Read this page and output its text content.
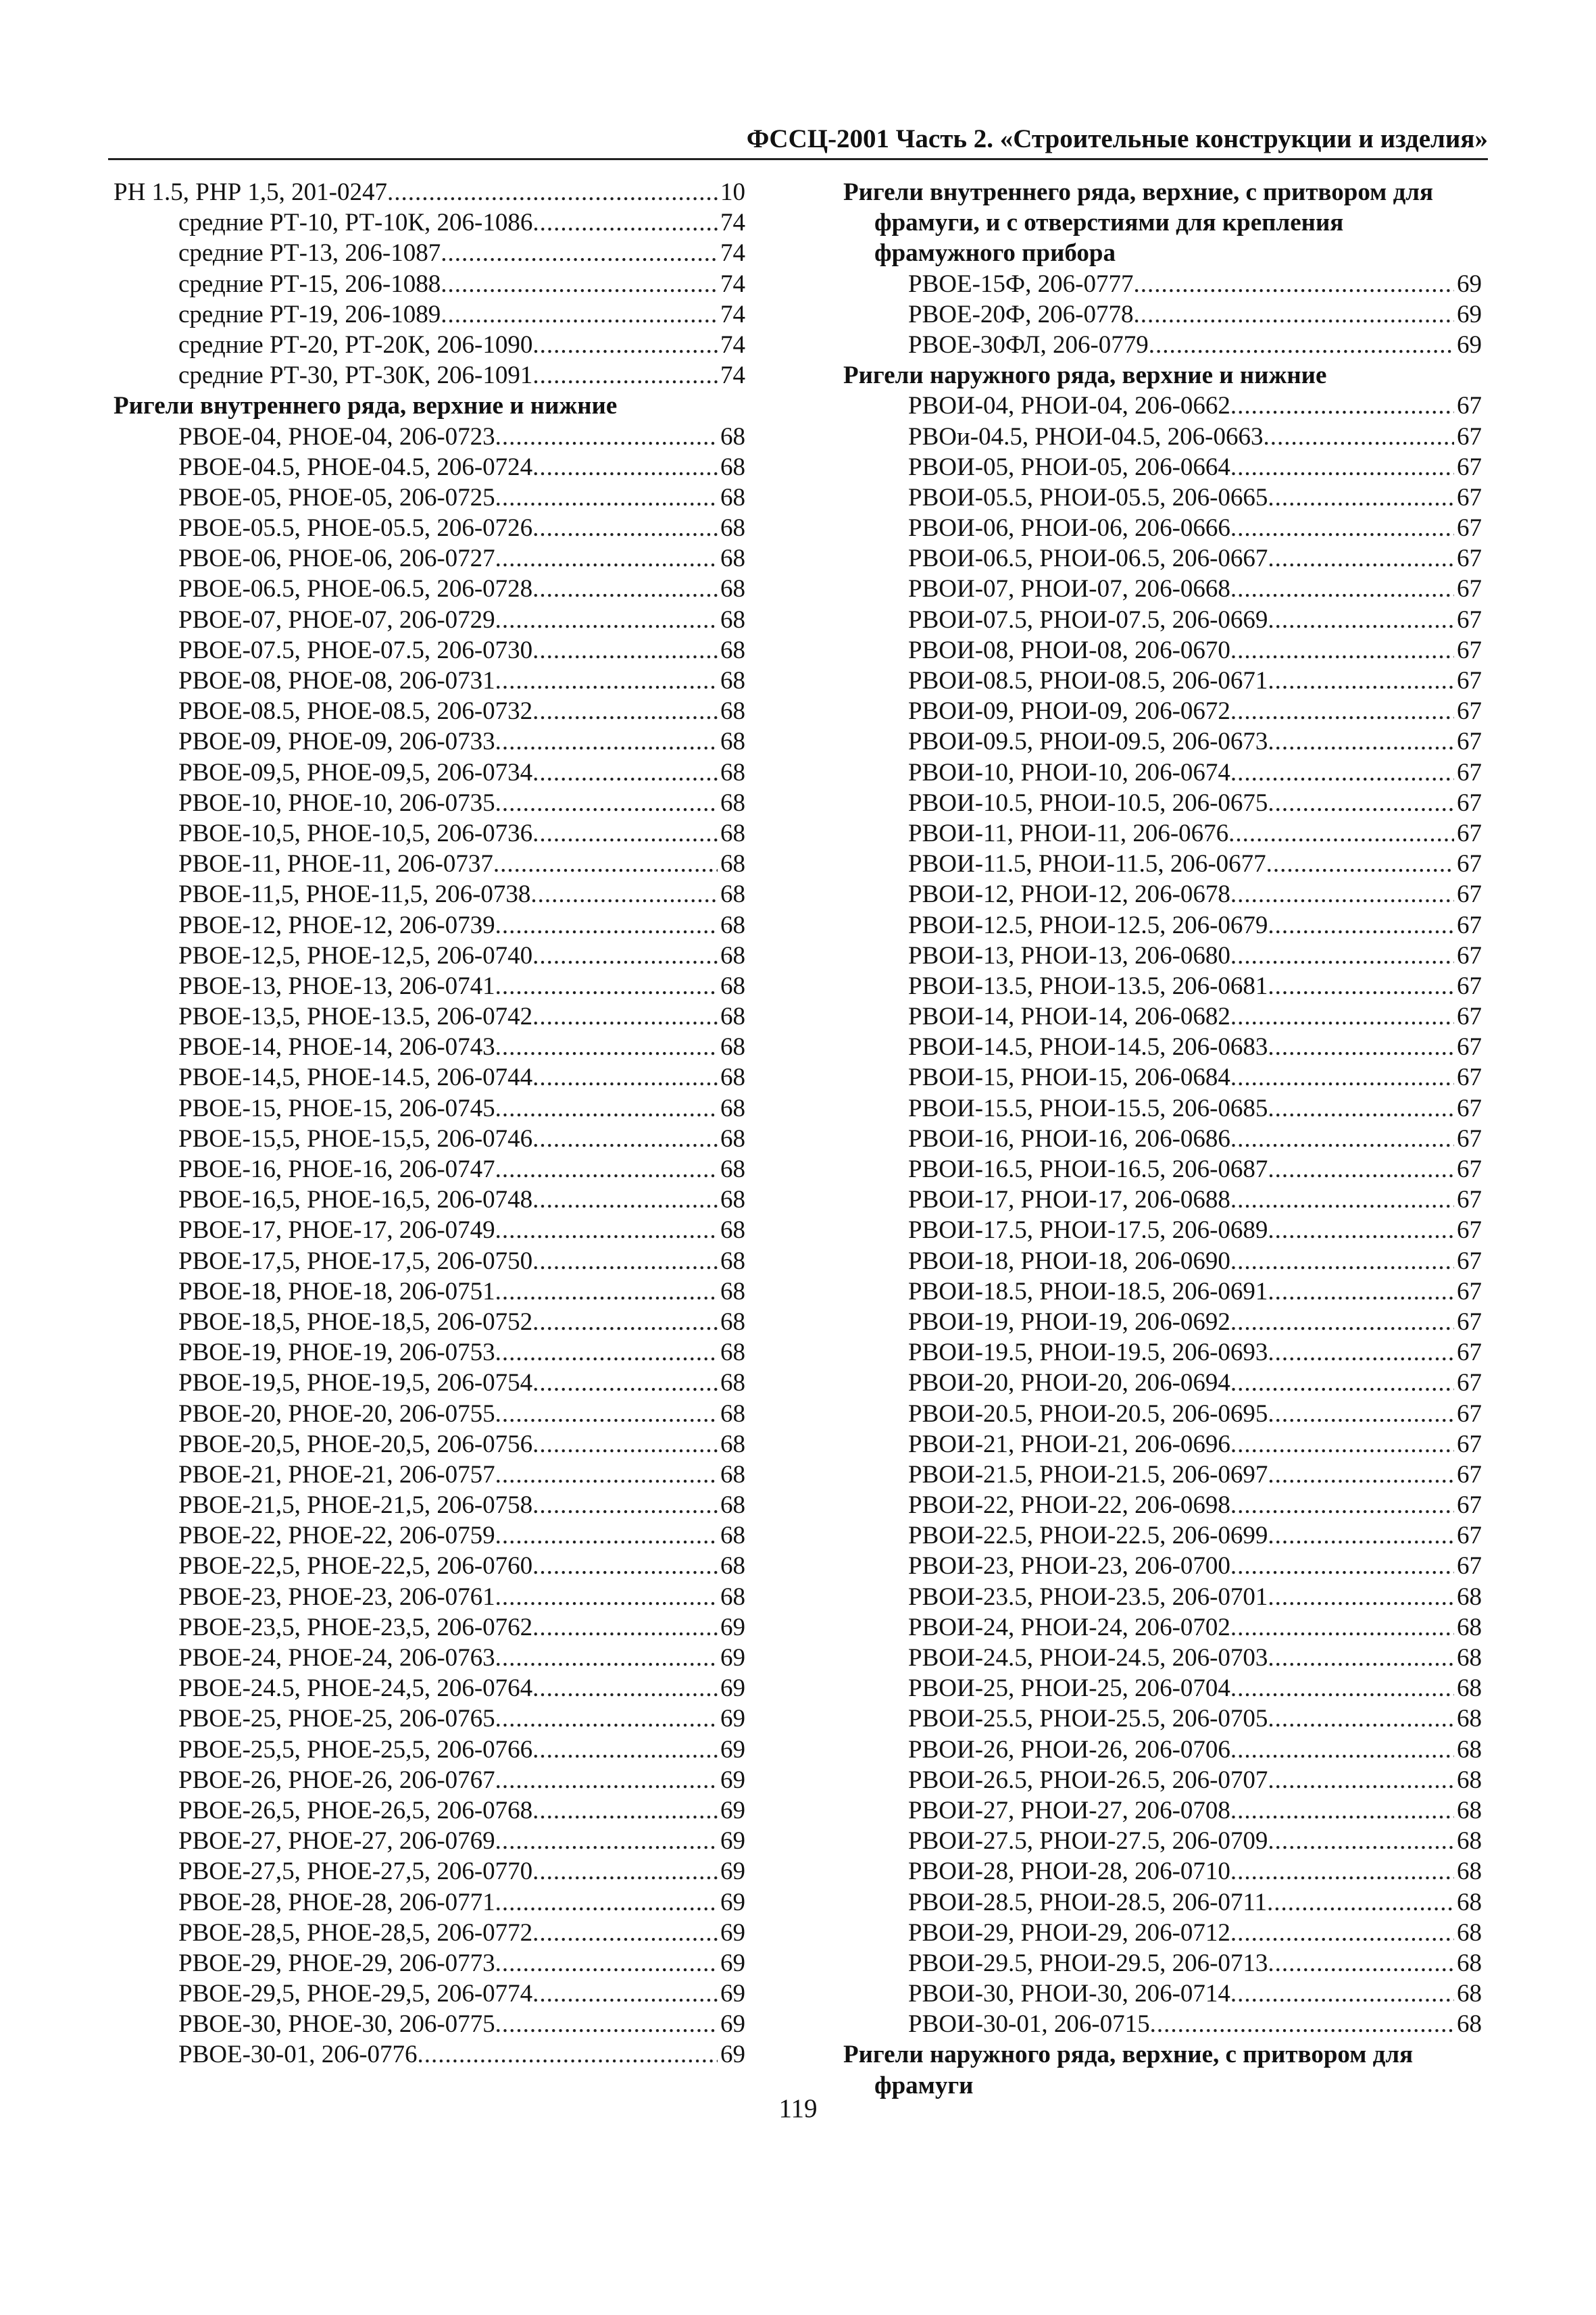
ФССЦ-2001 Часть 2. «Строительные конструкции и изделия»
РН 1.5, РНР 1,5, 201-0247 .....	10
средние РТ-10, РТ-10К, 206-1086 .....	74
средние РТ-13, 206-1087 .....	74
средние РТ-15, 206-1088 .....	74
средние РТ-19, 206-1089 .....	74
средние РТ-20, РТ-20К, 206-1090 .....	74
средние РТ-30, РТ-30К, 206-1091 .....	74
Ригели внутреннего ряда, верхние и нижние
РВОЕ-04, РНОЕ-04, 206-0723 .....	68
РВОЕ-04.5, РНОЕ-04.5, 206-0724 .....	68
РВОЕ-05, РНОЕ-05, 206-0725 .....	68
РВОЕ-05.5, РНОЕ-05.5, 206-0726 .....	68
РВОЕ-06, РНОЕ-06, 206-0727 .....	68
РВОЕ-06.5, РНОЕ-06.5, 206-0728 .....	68
РВОЕ-07, РНОЕ-07, 206-0729 .....	68
РВОЕ-07.5, РНОЕ-07.5, 206-0730 .....	68
РВОЕ-08, РНОЕ-08, 206-0731 .....	68
РВОЕ-08.5, РНОЕ-08.5, 206-0732 .....	68
РВОЕ-09, РНОЕ-09, 206-0733 .....	68
РВОЕ-09,5, РНОЕ-09,5, 206-0734 .....	68
РВОЕ-10, РНОЕ-10, 206-0735 .....	68
РВОЕ-10,5, РНОЕ-10,5, 206-0736 .....	68
РВОЕ-11, РНОЕ-11, 206-0737 .....	68
РВОЕ-11,5, РНОЕ-11,5, 206-0738 .....	68
РВОЕ-12, РНОЕ-12, 206-0739 .....	68
РВОЕ-12,5, РНОЕ-12,5, 206-0740 .....	68
РВОЕ-13, РНОЕ-13, 206-0741 .....	68
РВОЕ-13,5, РНОЕ-13.5, 206-0742 .....	68
РВОЕ-14, РНОЕ-14, 206-0743 .....	68
РВОЕ-14,5, РНОЕ-14.5, 206-0744 .....	68
РВОЕ-15, РНОЕ-15, 206-0745 .....	68
РВОЕ-15,5, РНОЕ-15,5, 206-0746 .....	68
РВОЕ-16, РНОЕ-16, 206-0747 .....	68
РВОЕ-16,5, РНОЕ-16,5, 206-0748 .....	68
РВОЕ-17, РНОЕ-17, 206-0749 .....	68
РВОЕ-17,5, РНОЕ-17,5, 206-0750 .....	68
РВОЕ-18, РНОЕ-18, 206-0751 .....	68
РВОЕ-18,5, РНОЕ-18,5, 206-0752 .....	68
РВОЕ-19, РНОЕ-19, 206-0753 .....	68
РВОЕ-19,5, РНОЕ-19,5, 206-0754 .....	68
РВОЕ-20, РНОЕ-20, 206-0755 .....	68
РВОЕ-20,5, РНОЕ-20,5, 206-0756 .....	68
РВОЕ-21, РНОЕ-21, 206-0757 .....	68
РВОЕ-21,5, РНОЕ-21,5, 206-0758 .....	68
РВОЕ-22, РНОЕ-22, 206-0759 .....	68
РВОЕ-22,5, РНОЕ-22,5, 206-0760 .....	68
РВОЕ-23, РНОЕ-23, 206-0761 .....	68
РВОЕ-23,5, РНОЕ-23,5, 206-0762 .....	69
РВОЕ-24, РНОЕ-24, 206-0763 .....	69
РВОЕ-24.5, РНОЕ-24,5, 206-0764 .....	69
РВОЕ-25, РНОЕ-25, 206-0765 .....	69
РВОЕ-25,5, РНОЕ-25,5, 206-0766 .....	69
РВОЕ-26, РНОЕ-26, 206-0767 .....	69
РВОЕ-26,5, РНОЕ-26,5, 206-0768 .....	69
РВОЕ-27, РНОЕ-27, 206-0769 .....	69
РВОЕ-27,5, РНОЕ-27,5, 206-0770 .....	69
РВОЕ-28, РНОЕ-28, 206-0771 .....	69
РВОЕ-28,5, РНОЕ-28,5, 206-0772 .....	69
РВОЕ-29, РНОЕ-29, 206-0773 .....	69
РВОЕ-29,5, РНОЕ-29,5, 206-0774 .....	69
РВОЕ-30, РНОЕ-30, 206-0775 .....	69
РВОЕ-30-01, 206-0776 .....	69
Ригели внутреннего ряда, верхние, с притвором для
фрамуги, и с отверстиями для крепления
фрамужного прибора
РВОЕ-15Ф, 206-0777 .....	69
РВОЕ-20Ф, 206-0778 .....	69
РВОЕ-30ФЛ, 206-0779 .....	69
Ригели наружного ряда, верхние и нижние
РВОИ-04, РНОИ-04, 206-0662 .....	67
РВОи-04.5, РНОИ-04.5, 206-0663 .....	67
РВОИ-05, РНОИ-05, 206-0664 .....	67
РВОИ-05.5, РНОИ-05.5, 206-0665 .....	67
РВОИ-06, РНОИ-06, 206-0666 .....	67
РВОИ-06.5, РНОИ-06.5, 206-0667 .....	67
РВОИ-07, РНОИ-07, 206-0668 .....	67
РВОИ-07.5, РНОИ-07.5, 206-0669 .....	67
РВОИ-08, РНОИ-08, 206-0670 .....	67
РВОИ-08.5, РНОИ-08.5, 206-0671 .....	67
РВОИ-09, РНОИ-09, 206-0672 .....	67
РВОИ-09.5, РНОИ-09.5, 206-0673 .....	67
РВОИ-10, РНОИ-10, 206-0674 .....	67
РВОИ-10.5, РНОИ-10.5, 206-0675 .....	67
РВОИ-11, РНОИ-11, 206-0676 .....	67
РВОИ-11.5, РНОИ-11.5, 206-0677 .....	67
РВОИ-12, РНОИ-12, 206-0678 .....	67
РВОИ-12.5, РНОИ-12.5, 206-0679 .....	67
РВОИ-13, РНОИ-13, 206-0680 .....	67
РВОИ-13.5, РНОИ-13.5, 206-0681 .....	67
РВОИ-14, РНОИ-14, 206-0682 .....	67
РВОИ-14.5, РНОИ-14.5, 206-0683 .....	67
РВОИ-15, РНОИ-15, 206-0684 .....	67
РВОИ-15.5, РНОИ-15.5, 206-0685 .....	67
РВОИ-16, РНОИ-16, 206-0686 .....	67
РВОИ-16.5, РНОИ-16.5, 206-0687 .....	67
РВОИ-17, РНОИ-17, 206-0688 .....	67
РВОИ-17.5, РНОИ-17.5, 206-0689 .....	67
РВОИ-18, РНОИ-18, 206-0690 .....	67
РВОИ-18.5, РНОИ-18.5, 206-0691 .....	67
РВОИ-19, РНОИ-19, 206-0692 .....	67
РВОИ-19.5, РНОИ-19.5, 206-0693 .....	67
РВОИ-20, РНОИ-20, 206-0694 .....	67
РВОИ-20.5, РНОИ-20.5, 206-0695 .....	67
РВОИ-21, РНОИ-21, 206-0696 .....	67
РВОИ-21.5, РНОИ-21.5, 206-0697 .....	67
РВОИ-22, РНОИ-22, 206-0698 .....	67
РВОИ-22.5, РНОИ-22.5, 206-0699 .....	67
РВОИ-23, РНОИ-23, 206-0700 .....	67
РВОИ-23.5, РНОИ-23.5, 206-0701 .....	68
РВОИ-24, РНОИ-24, 206-0702 .....	68
РВОИ-24.5, РНОИ-24.5, 206-0703 .....	68
РВОИ-25, РНОИ-25, 206-0704 .....	68
РВОИ-25.5, РНОИ-25.5, 206-0705 .....	68
РВОИ-26, РНОИ-26, 206-0706 .....	68
РВОИ-26.5, РНОИ-26.5, 206-0707 .....	68
РВОИ-27, РНОИ-27, 206-0708 .....	68
РВОИ-27.5, РНОИ-27.5, 206-0709 .....	68
РВОИ-28, РНОИ-28, 206-0710 .....	68
РВОИ-28.5, РНОИ-28.5, 206-0711 .....	68
РВОИ-29, РНОИ-29, 206-0712 .....	68
РВОИ-29.5, РНОИ-29.5, 206-0713 .....	68
РВОИ-30, РНОИ-30, 206-0714 .....	68
РВОИ-30-01, 206-0715 .....	68
Ригели наружного ряда, верхние, с притвором для
фрамуги
119
